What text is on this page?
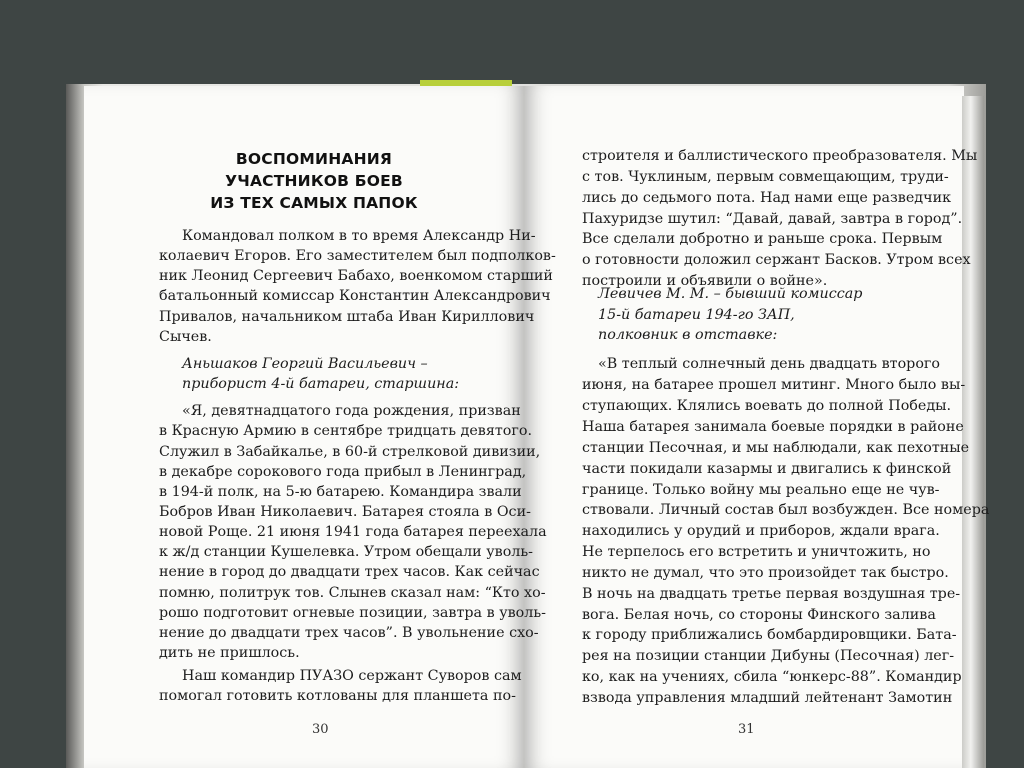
ВОСПОМИНАНИЯ УЧАСТНИКОВ БОЕВ
ИЗ ТЕХ САМЫХ ПАПОК
Командовал полком в то время Александр Ни-
колаевич Егоров. Его заместителем был подполков-
ник Леонид Сергеевич Бабахо, военкомом старший
батальонный комиссар Константин Александрович
Привалов, начальником штаба Иван Кириллович
Сычев.
Аньшаков Георгий Васильевич –
приборист 4-й батареи, старшина:
«Я, девятнадцатого года рождения, призван
в Красную Армию в сентябре тридцать девятого.
Служил в Забайкалье, в 60-й стрелковой дивизии,
в декабре сорокового года прибыл в Ленинград,
в 194-й полк, на 5-ю батарею. Командира звали
Бобров Иван Николаевич. Батарея стояла в Оси-
новой Роще. 21 июня 1941 года батарея переехала
к ж/д станции Кушелевка. Утром обещали уволь-
нение в город до двадцати трех часов. Как сейчас
помню, политрук тов. Слынев сказал нам: “Кто хо-
рошо подготовит огневые позиции, завтра в уволь-
нение до двадцати трех часов”. В увольнение схо-
дить не пришлось.
Наш командир ПУАЗО сержант Суворов сам
помогал готовить котлованы для планшета по-
30
строителя и баллистического преобразователя. Мы
с тов. Чуклиным, первым совмещающим, труди-
лись до седьмого пота. Над нами еще разведчик
Пахуридзе шутил: “Давай, давай, завтра в город”.
Все сделали добротно и раньше срока. Первым
о готовности доложил сержант Басков. Утром всех
построили и объявили о войне».
Левичев М. М. – бывший комиссар
15-й батареи 194-го ЗАП,
полковник в отставке:
«В теплый солнечный день двадцать второго
июня, на батарее прошел митинг. Много было вы-
ступающих. Клялись воевать до полной Победы.
Наша батарея занимала боевые порядки в районе
станции Песочная, и мы наблюдали, как пехотные
части покидали казармы и двигались к финской
границе. Только войну мы реально еще не чув-
ствовали. Личный состав был возбужден. Все номера
находились у орудий и приборов, ждали врага.
Не терпелось его встретить и уничтожить, но
никто не думал, что это произойдет так быстро.
В ночь на двадцать третье первая воздушная тре-
вога. Белая ночь, со стороны Финского залива
к городу приближались бомбардировщики. Бата-
рея на позиции станции Дибуны (Песочная) лег-
ко, как на учениях, сбила “юнкерс-88”. Командир
взвода управления младший лейтенант Замотин
31
